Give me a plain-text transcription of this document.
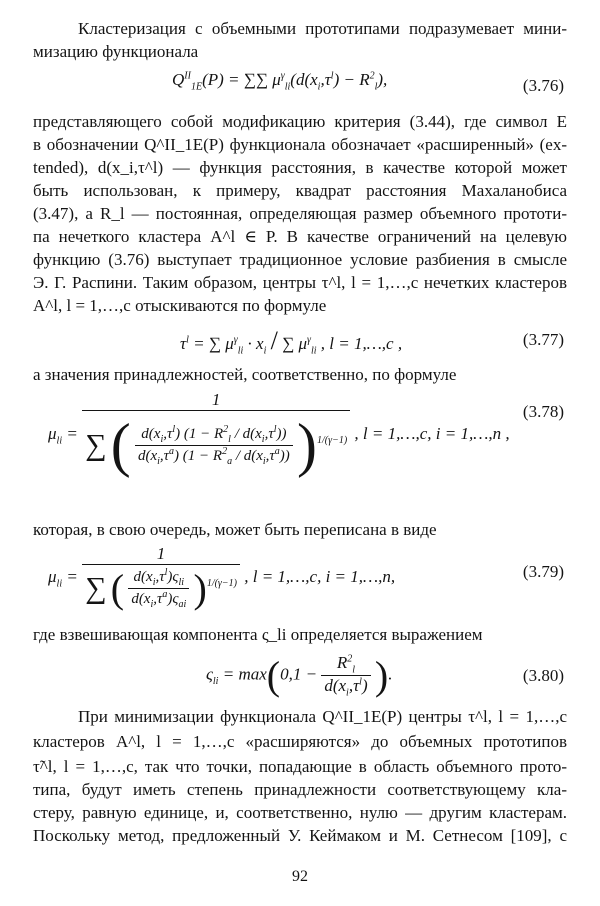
Кластеризация с объемными прототипами подразумевает мини-
мизацию функционала
$Q^{II}_{1E}(P)$ = ∑∑ $\mu^\gamma_{li}(d(x_i,\tau^l) - R^2_l)$,	(3.76)
представляющего собой модификацию критерия (3.44), где символ E
в обозначении Q^II_1E(P) функционала обозначает «расширенный» (ex-
tended), d(x_i,τ^l) — функция расстояния, в качестве которой может
быть использован, к примеру, квадрат расстояния Махаланобиса
(3.47), а R_l — постоянная, определяющая размер объемного прототи-
па нечеткого кластера A^l ∈ P. В качестве ограничений на целевую
функцию (3.76) выступает традиционное условие разбиения в смысле
Э. Г. Распини. Таким образом, центры τ^l, l = 1,…,c нечетких кластеров
A^l, l = 1,…,c отыскиваются по формуле
$\tau^l$ = ∑ $\mu^\gamma_{li} \cdot x_i$ / ∑ $\mu^\gamma_{li}$ , l = 1,…,c ,	(3.77)
а значения принадлежностей, соответственно, по формуле
$\mu_{li}$ =
1
∑ ( $\frac{d(x_i,\tau^l) (1 - R^2_l / d(x_i,\tau^l))}{d(x_i,\tau^a) (1 - R^2_a / d(x_i,\tau^a))} )^{1/(\gamma-1)}$ , l = 1,…,c, i = 1,…,n ,
(3.78)
которая, в свою очередь, может быть переписана в виде
$\mu_{li}$ =
1
∑ ( $\frac{d(x_i,\tau^l)\varsigma_{li}}{d(x_i,\tau^a)\varsigma_{ai}} )^{1/(\gamma-1)}$ , l = 1,…,c, i = 1,…,n,	(3.79)
где взвешивающая компонента ς_li определяется выражением
$\varsigma_{li} = \max(0,1 - \frac{R^2_l}{d(x_i,\tau^l)}$ ).	(3.80)
При минимизации функционала Q^II_1E(P) центры τ^l, l = 1,…,c
кластеров A^l, l = 1,…,c «расширяются» до объемных прототипов
τ̃^l, l = 1,…,c, так что точки, попадающие в область объемного прото-
типа, будут иметь степень принадлежности соответствующему кла-
стеру, равную единице, и, соответственно, нулю — другим кластерам.
Поскольку метод, предложенный У. Кеймаком и М. Сетнесом [109], с
92
